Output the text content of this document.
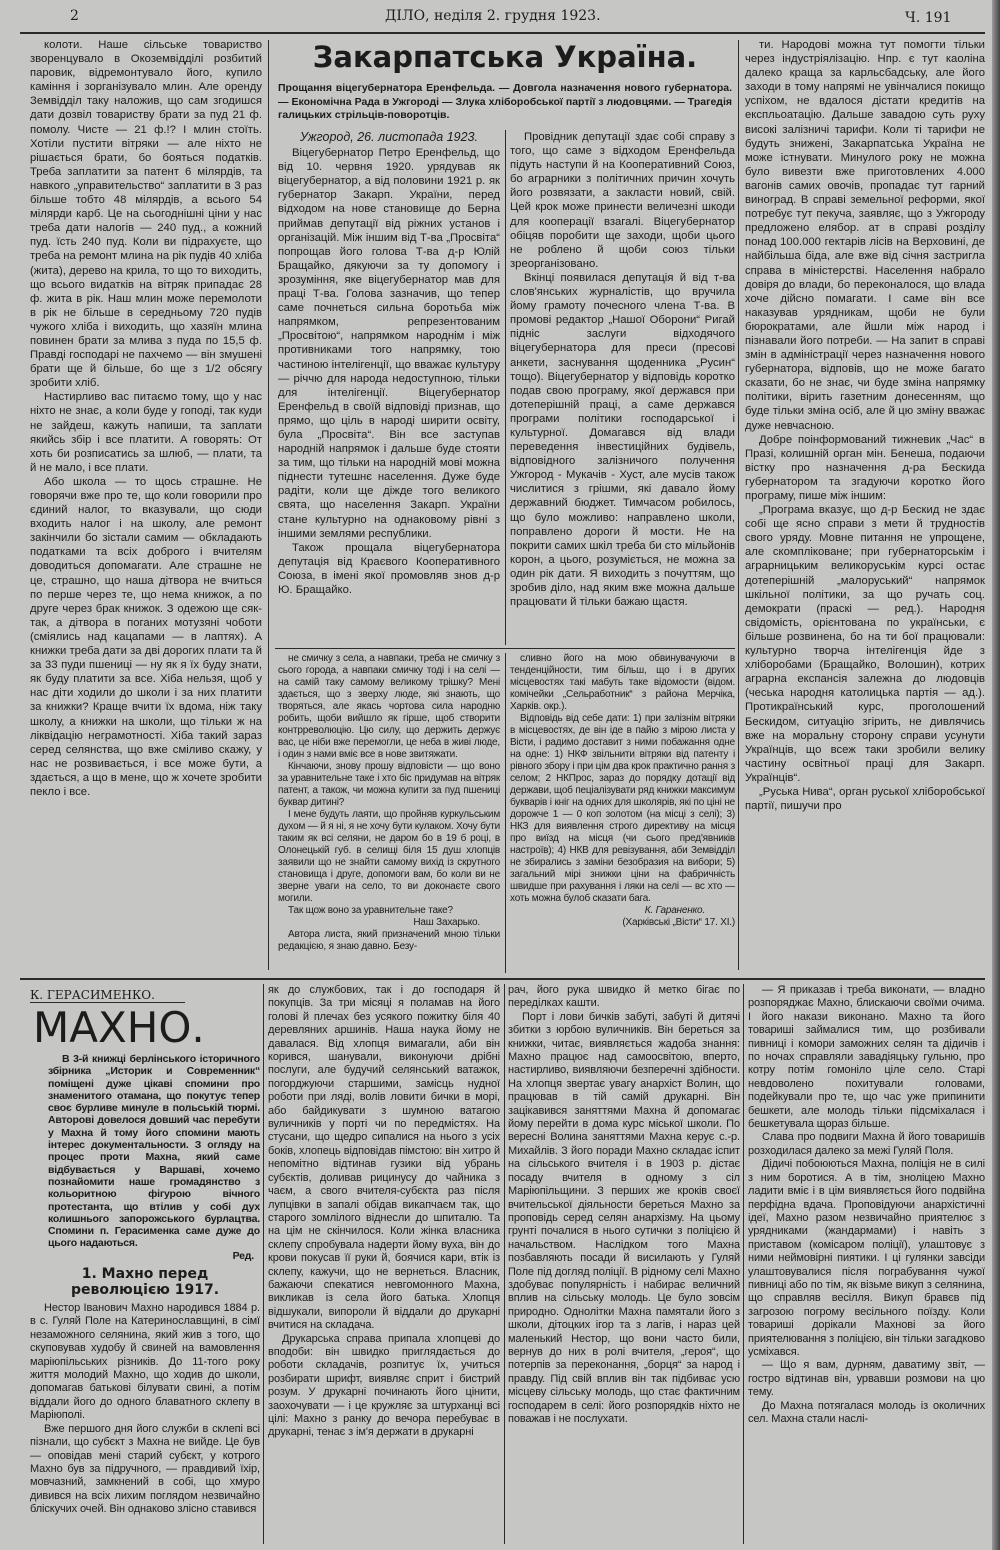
2	ДІЛО, неділя 2. грудня 1923.	Ч. 191

колоти. Наше сільське товариство зворенцувало в Окоземвідділі розбитий паровик, відремонтувало його, купило каміння і зорганізувало млин. Але оренду Земвідділ таку наложив, що сам згодишся дати дозвіл товариству брати за пуд 21 ф. помолу. Чисте — 21 ф.!? І млин стоїть. Хотіли пустити вітряки — але ніхто не рішається брати, бо бояться податків. Треба заплатити за патент 6 мілярдів, та навкого „управительство“ заплатити в 3 раз більше тобто 48 мілярдів, а всього 54 мілярди карб. Це на сьогоднішні ціни у нас треба дати налогів — 240 пуд., а кожний пуд. їсть 240 пуд. Коли ви підрахуєте, що треба на ремонт млина на рік пудів 40 хліба (жита), дерево на крила, то що то виходить, що всього видатків на вітряк припадає 28 ф. жита в рік. Наш млин може перемолоти в рік не більше в середньому 720 пудів чужого хліба і виходить, що хазяїн млина повинен брати за млива з пуда по 15,5 ф. Правді господарі не пахчемо — він змушені брати ще й більше, бо ще з 1/2 обсягу зробити хліб.

Настирливо вас питаємо тому, що у нас ніхто не знає, а коли буде у гоподі, так куди не зайдеш, кажуть напиши, та заплати якийсь збір і все платити. А говорять: От хоть би розписатись за шлюб, — плати, та й не мало, і все плати.

Або школа — то щось страшне. Не говорячи вже про те, що коли говорили про єдиний налог, то вказували, що сюди входить налог і на школу, але ремонт закінчили бо зістали самим — обкладають податками та всіх доброго і вчителям доводиться допомагати. Але страшне не це, страшно, що наша дітвора не вчиться по перше через те, що нема книжок, а по друге через брак книжок. З одежою ще сяк-так, а дітвора в поганих мотузяні чоботи (сміялись над кацапами — в лаптях). А книжки треба дати за дві дорогих плати та й за 33 пуди пшениці — ну як я їх буду знати, як буду платити за все. Хіба нельзя, щоб у нас діти ходили до школи і за них платити за книжки? Краще вчити їх вдома, ніж таку школу, а книжки на школи, що тільки ж на ліквідацію неграмотності. Хіба такий зараз серед селянства, що вже сміливо скажу, у нас не розвивається, і все може бути, а здається, а що в мене, що ж хочете зробити пекло і все.

Закарпатська Україна.
Прощання віцегубернатора Еренфельда. — Довгола назначення нового губернатора. — Економічна Рада в Ужгороді — Злука хліборобської партії з людовцями. — Трагедія галицьких стрільців-поворотців.
Ужгород, 26. листопада 1923.

Віцегубернатор Петро Еренфельд, що від 10. червня 1920. урядував як віцегубернатор, а від половини 1921 р. як губернатор Закарп. України, перед відходом на нове становище до Берна приймав депутації від ріжних установ і організацій. Між іншим від Т-ва „Просвіта“ попрощав його голова Т-ва д-р Юлій Бращайко, дякуючи за ту допомогу і зрозуміння, яке віцегубернатор мав для праці Т-ва. Голова зазначив, що тепер саме почнеться сильна боротьба між напрямком, репрезентованим „Просвітою“, напрямком народнім і між противниками того напрямку, тою частиною інтелігенції, що вважає культуру — річчю для народа недоступною, тільки для інтелігенції. Віцегубернатор Еренфельд в своїй відповіді признав, що прямо, що ціль в народі ширити освіту, була „Просвіта“. Він все заступав народній напрямок і дальше буде стояти за тим, що тільки на народній мові можна піднести тутешнє населення. Дуже буде радіти, коли ще діжде того великого свята, що населення Закарп. України стане культурно на однаковому рівні з іншими землями республики.

Також прощала віцегубернатора депутація від Краєвого Кооперативного Союза, в імені якої промовляв знов д-р Ю. Бращайко.

Провідник депутації здає собі справу з того, що саме з відходом Еренфельда підуть наступи й на Кооперативний Союз, бо аграрники з політичних причин хочуть його розвязати, а закласти новий, свій. Цей крок може принести величезні шкоди для кооперації взагалі. Віцегубернатор обіцяв поробити ще заходи, щоби цього не роблено й щоби союз тільки зреорганізовано.

Вкінці появилася депутація й від т-ва слов'янських журналістів, що вручила йому грамоту почесного члена Т-ва. В промові редактор „Нашої Оборони“ Ригай підніс заслуги відходячого віцегубернатора для преси (пресові анкети, заснування щоденника „Русин“ тощо). Віцегубернатор у відповідь коротко подав свою програму, якої держався при дотеперішній праці, а саме держався програми політики господарської і культурної. Домагався від влади переведення інвестиційних будівель, відповідного залізничого получення Ужгород - Мукачів - Хуст, але мусів також числитися з грішми, які давало йому державний бюджет. Тимчасом робилось, що було можливо: направлено школи, поправлено дороги й мости. Не на покрити самих шкіл треба би сто мільйонів корон, а цього, розуміється, не можна за один рік дати. Я виходить з почуттям, що зробив діло, над яким вже можна дальше працювати й тільки бажаю щастя.

ти. Народові можна тут помогти тільки через індустріялізацію. Нпр. є тут каоліна далеко краща за карльсбадську, але його заходи в тому напрямі не увінчалися покищо успіхом, не вдалося дістати кредитів на експльоатацію. Дальше завадою суть руху високі залізничі тарифи. Коли ті тарифи не будуть знижені, Закарпатська Україна не може істнувати. Минулого року не можна було вивезти вже приготовлених 4.000 вагонів самих овочів, пропадає тут гарний виноград. В справі земельної реформи, якої потребує тут пекуча, заявляє, що з Ужгороду предложено елябор. ат в справі розділу понад 100.000 гектарів лісів на Верховині, де найбільша біда, але вже від січня застригла справа в міністерстві. Населення набрало довіря до влади, бо переконалося, що влада хоче дійсно помагати. І саме він все наказував урядникам, щоби не були бюрократами, але йшли між народ і пізнавали його потреби. — На запит в справі змін в адміністрації через назначення нового губернатора, відповів, що не може багато сказати, бо не знає, чи буде зміна напрямку політики, вірить газетним донесенням, що буде тільки зміна осіб, але й цю зміну вважає дуже невчасною.

Добре поінформований тижневик „Час“ в Празі, колишній орган мін. Бенеша, подаючи вістку про назначення д-ра Бескида губернатором та згадуючи коротко його програму, пише між іншим:

„Програма вказує, що д-р Бескид не здає собі ще ясно справи з мети й трудностів свого уряду. Мовне питання не упрощене, але скомпліковане; при губернаторськім і аграрницьким великоруськім курсі остає дотеперішній „малоруський“ напрямок шкільної політики, за що ручать соц. демократи (праскі — ред.). Народня свідомість, орієнтована по українськи, є більше розвинена, бо на ти бої працювали: культурно творча інтелігенція йде з хліборобами (Бращайко, Волошин), котрих аграрна експансія залежна до людовців (чеська народня католицька партія — ад.). Протикраїнський курс, проголошений Бескидом, ситуацію згірить, не дивлячись вже на моральну сторону справи усунути Українців, що всеж таки зробили велику частину освітньої праці для Закарп. Українців“.

„Руська Нива“, орган руської хліборобської партії, пишучи про

не смичку з села, а навпаки, треба не смичку з сього города, а навпаки смичку тоді і на селі — на самій таку самому великому трішку? Мені здається, що з зверху люде, які знають, що творяться, але якась чортова сила народню робить, щоби вийшло як гірше, щоб створити контрреволюцію. Цю силу, що держить держує вас, це ніби вже перемогли, це неба в живі люде, і один з нами вміє все в нове звитяжати.

Кінчаючи, знову прошу відповісти — що воно за уравнительне таке і хто біс придумав на вітряк патент, а також, чи можна купити за пуд пшениці буквар дитині?

І мене будуть лаяти, що пройняв куркульським духом — й я ні, я не хочу бути кулаком. Хочу бути таким як всі селяни, не даром бо в 19 б році, в Олонецькій губ. в селищі біля 15 душ хлопців заявили що не знайти самому вихід із скрутного становища і друге, допомоги вам, бо коли ви не зверне уваги на село, то ви доконаєте свого могили.

Так щож воно за уравнительне таке?

Наш Захарько.

Автора листа, який призначений мною тільки редакцією, я знаю давно. Безу-

сливно його на мою обвинувачуючи в тенденційности, тим більш, що і в других місцевостях такі мабуть таке відомости (відом. комічейки „Сельработник“ з района Мерчіка, Харків. окр.).

Відповідь від себе дати: 1) при залізнім вітряки в місцевостях, де він іде в пайю з мірою листа у Вісти, і радимо доставит з ними побажання одне на одне: 1) НКФ звільнити вітряки від патенту і рівного збору і при цім два крок практично рання з селом; 2 НКПрос, зараз до порядку дотації від держави, щоб пеціалізувати ряд книжки максимум букварів і кніг на одних для школярів, які по ціні не дорожче 1 — 0 коп золотом (на місці з селі); 3) НКЗ для виявлення строго директиву на місця про виїзд на місця (чи сього пред'явників настроїв); 4) НКВ для ревізування, аби Земвідділ не збирались з заміни безобразия на вибори; 5) загальний мірі знижки ціни на фабричність швидше при рахування і ляки на селі — вс хто — хоть можна булоб сказати бага.

К. Гараненко.
(Харківські „Вісти“ 17. XI.)
К. ГЕРАСИМЕНКО.
МАХНО.

В 3-й книжці берлінського історичного збірника „Историк и Современник“ поміщені дуже цікаві спомини про знаменитого отамана, що покутує тепер своє бурливе минуле в польській тюрмі. Авторові довелося довший час перебути у Махна й тому його спомини мають інтерес документальности. З огляду на процес проти Махна, який саме відбувається у Варшаві, хочемо познайомити наше громадянство з кольоритною фігурою вічного протестанта, що втілив у собі дух колишнього запорожського бурлацтва. Спомини п. Герасименка саме дуже до цього надаються.

Ред.
1. Махно перед революцією 1917.

Нестор Іванович Махно народився 1884 р. в с. Гуляй Поле на Катеринославщині, в сімї незаможного селянина, який жив з того, що скуповував худобу й свиней на вамовлення маріюпільських різників. До 11-того року життя молодий Махно, що ходив до школи, допомагав батькові білувати свині, а потім віддали його до одного блаватного склепу в Маріюполі.

Вже першого дня його служби в склепі всі пізнали, що субєкт з Махна не вийде. Це був — оповідав мені старий субєкт, у котрого Махно був за підручного, — правдивий їхір, мовчазний, замкнений в собі, що хмуро дивився на всіх лихим поглядом незвичайно бліскучих очей. Він однаково злісно ставився

як до службових, так і до господаря й покупців. За три місяці я поламав на його голові й плечах без усякого пожитку біля 40 деревляних аршинів. Наша наука йому не давалася. Від хлопця вимагали, аби він корився, шанували, виконуючи дрібні послуги, але будучий селянський ватажок, погорджуючи старшими, замісць нудної роботи при ляді, волів ловити бички в морі, або байдикувати з шумною ватагою вуличників у порті чи по передмістях. На стусани, що щедро сипалися на нього з усіх боків, хлопець відповідав пімстою: він хитро й непомітно відтинав гузики від убрань субєктів, доливав рицинусу до чайника з чаєм, а свого вчителя-субєкта раз після лупцівки в запалі обідав викапчаєм так, що старого зомлілого віднесли до шпиталю. Та на цім не скінчилося. Коли жінка власника склепу спробувала надерти йому вуха, він до крови покусав її руки й, боячися кари, втік із склепу, кажучи, що не вернеться. Власник, бажаючи спекатися невгомонного Махна, викликав із села його батька. Хлопця відшукали, випороли й віддали до друкарні вчитися на складача.

Друкарська справа припала хлопцеві до вподоби: він швидко приглядається до роботи складачів, розпитує їх, учиться розбирати шрифт, виявляє сприт і бистрий розум. У друкарні починають його цінити, заохочувати — і це кружляє за штурханці всі цілі: Махно з ранку до вечора перебуває в друкарні, тенає з ім'я держати в друкарні

рач, його рука швидко й метко бігає по переділках кашти.

Порт і лови бичків забуті, забуті й дитячі збитки з юрбою вуличників. Він береться за книжки, читає, виявляється жадоба знання: Махно працює над самоосвітою, вперто, настирливо, виявляючи безперечні здібности. На хлопця звертає увагу анархіст Волин, що працював в тій самій друкарні. Він зацікавився заняттями Махна й допомагає йому перейти в дома курс міської школи. По вересні Волина заняттями Махна керує с.-р. Михайлів. З його поради Махно складає іспит на сільського вчителя і в 1903 р. дістає посаду вчителя в одному з сіл Маріюпільщини. З перших же кроків своєї вчительської діяльности береться Махно за проповідь серед селян анархізму. На цьому грунті почалися в нього сутички з поліцією й начальством. Наслідком того Махна позбавляють посади й висилають у Гуляй Поле під догляд поліції. В рідному селі Махно здобуває популярність і набирає величний вплив на сільську молодь. Це було зовсім природно. Однолітки Махна памятали його з школи, дітоцких ігор та з лагів, і нараз цей маленький Нестор, що вони часто били, вернув до них в ролі вчителя, „героя“, що потерпів за переконання, „борця“ за народ і правду. Під свій вплив він так підбиває усю місцеву сільську молодь, що стає фактичним господарем в селі: його розпорядків ніхто не поважав і не послухати.

— Я приказав і треба виконати, — владно розпоряджає Махно, блискаючи своїми очима. І його накази виконано. Махно та його товариші займалися тим, що розбивали пивниці і комори заможних селян та дідичів і по ночах справляли завадіяцьку гульню, про котру потім гомоніло ціле село. Старі невдоволено похитували головами, подейкували про те, що час уже припинити бешкети, але молодь тільки підсміхалася і бешкетувала щораз більше.

Слава про подвиги Махна й його товаришів розходилася далеко за межі Гуляй Поля.

Дідичі побоюються Махна, поліція не в силі з ним боротися. А в тім, зноліцею Махно ладити вміє і в цім виявляється його подвійна перфідна вдача. Проповідуючи анархістичні ідеї, Махно разом незвичайно приятелює з урядниками (жандармами) і навіть з приставом (комісаром поліції), улаштовує з ними неймовірні пиятики. І ці гулянки завсіди улаштовувалися після пограбування чужої пивниці або по тім, як візьме викуп з селянина, що справляв весілля. Викуп бравєв під загрозою погрому весільного поїзду. Коли товариші дорікали Махнові за його приятелювання з поліцією, він тільки загадково усміхався.

— Що я вам, дурням, даватиму звіт, — гостро відтинав він, урвавши розмови на цю тему.

До Махна потягалася молодь із околичних сел. Махна стали наслі-
